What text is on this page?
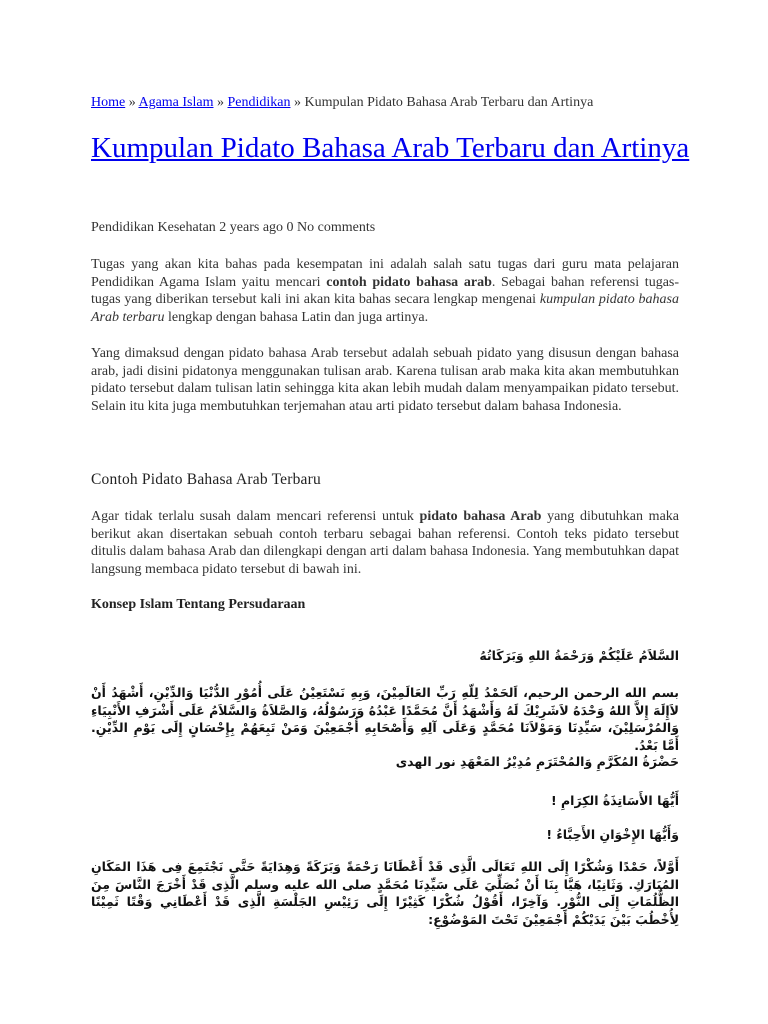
Home » Agama Islam » Pendidikan » Kumpulan Pidato Bahasa Arab Terbaru dan Artinya
Kumpulan Pidato Bahasa Arab Terbaru dan Artinya
Pendidikan Kesehatan 2 years ago 0 No comments

Tugas yang akan kita bahas pada kesempatan ini adalah salah satu tugas dari guru mata pelajaran Pendidikan Agama Islam yaitu mencari contoh pidato bahasa arab. Sebagai bahan referensi tugas-tugas yang diberikan tersebut kali ini akan kita bahas secara lengkap mengenai kumpulan pidato bahasa Arab terbaru lengkap dengan bahasa Latin dan juga artinya.

Yang dimaksud dengan pidato bahasa Arab tersebut adalah sebuah pidato yang disusun dengan bahasa arab, jadi disini pidatonya menggunakan tulisan arab. Karena tulisan arab maka kita akan membutuhkan pidato tersebut dalam tulisan latin sehingga kita akan lebih mudah dalam menyampaikan pidato tersebut. Selain itu kita juga membutuhkan terjemahan atau arti pidato tersebut dalam bahasa Indonesia.

Contoh Pidato Bahasa Arab Terbaru

Agar tidak terlalu susah dalam mencari referensi untuk pidato bahasa Arab yang dibutuhkan maka berikut akan disertakan sebuah contoh terbaru sebagai bahan referensi. Contoh teks pidato tersebut ditulis dalam bahasa Arab dan dilengkapi dengan arti dalam bahasa Indonesia. Yang membutuhkan dapat langsung membaca pidato tersebut di bawah ini.

Konsep Islam Tentang Persudaraan

السَّلاَمُ عَلَيْكُمْ وَرَحْمَةُ اللهِ وَبَرَكَاتُهُ

بسم الله الرحمن الرحيم، اَلحَمْدُ لِلّهِ رَبِّ العَالَمِيْنَ، وَبِهِ نَسْتَعِيْنُ عَلَى أُمُوْرِ الدُّنْيَا وَالدِّيْنِ، أَشْهَدُ أَنْ لاَإِلَهَ إِلاَّ اللهُ وَحْدَهُ لاَشَرِيْكَ لَهُ وَأَشْهَدُ أَنَّ مُحَمَّدًا عَبْدُهُ وَرَسُوْلُهُ، وَالصَّلاَةُ وَالسَّلاَمُ عَلَى أَشْرَفِ الأَنْبِيَاءِ وَالمُرْسَلِيْنَ، سَيِّدِنَا وَمَوْلاَنَا مُحَمَّدٍ وَعَلَى آلِهِ وَأَصْحَابِهِ أَجْمَعِيْنَ وَمَنْ تَبِعَهُمْ بِإِحْسَانٍ إِلَى يَوْمِ الدِّيْنِ. أَمَّا بَعْدُ.

حَضْرَةُ المُكَرَّمِ وَالمُحْتَرَمِ مُدِيْرُ المَعْهَدِ نور الهدى

أَيُّهَا الأَسَاتِذَةُ الكِرَامِ !

وَأَيُّهَا الإِخْوَانِ الأَحِبَّاءُ !

أَوَّلاً، حَمْدًا وَشُكْرًا إِلَى اللهِ تَعَالَى الَّذِى قَدْ أَعْطَانَا رَحْمَةً وَبَرَكَةً وَهِدَايَةً حَتَّى نَجْتَمِعَ فِى هَذَا المَكَانِ المُبَارَكِ. وَثَانِيًا، هَيَّا بِنَا أَنْ نُصَلِّيَ عَلَى سَيِّدِنَا مُحَمَّدٍ صلى الله عليه وسلم الَّذِى قَدْ أَخْرَجَ النَّاسَ مِنَ الظُّلُمَاتِ إِلَى النُّوْرِ. وَآخِرًا، أَقُوْلُ شُكْرًا كَثِيْرًا إِلَى رَئِيْسِ الجَلْسَةِ الَّذِى قَدْ أَعْطَانِي وَقْتًا ثَمِيْنًا لِأُخْطُبَ بَيْنَ يَدَيْكُمْ أَجْمَعِيْنَ تَحْتَ المَوْضُوْعِ:
